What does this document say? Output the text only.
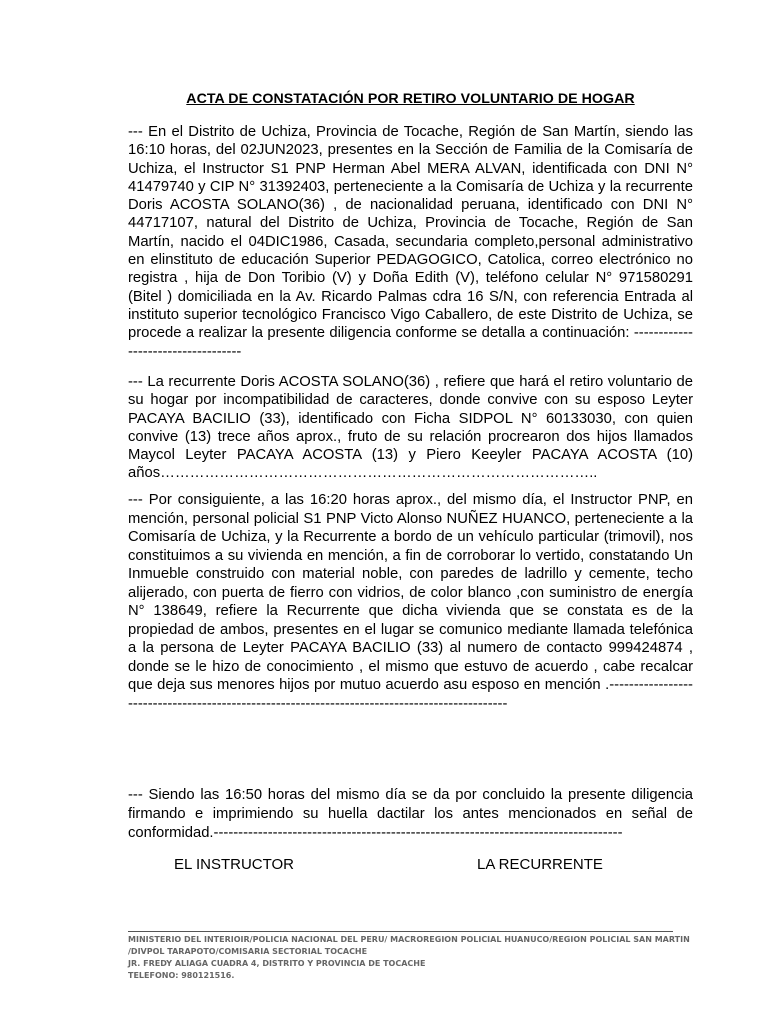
ACTA DE CONSTATACIÓN POR RETIRO VOLUNTARIO DE HOGAR

--- En el Distrito de Uchiza, Provincia de Tocache, Región de San Martín, siendo las 16:10 horas, del 02JUN2023, presentes en la Sección de Familia de la Comisaría de Uchiza, el Instructor S1 PNP Herman Abel MERA ALVAN, identificada con DNI N° 41479740 y CIP N° 31392403, perteneciente a la Comisaría de Uchiza y la recurrente Doris ACOSTA SOLANO(36) , de nacionalidad peruana, identificado con DNI N° 44717107, natural del Distrito de Uchiza, Provincia de Tocache, Región de San Martín, nacido el 04DIC1986, Casada, secundaria completo,personal administrativo en elinstituto de educación Superior PEDAGOGICO, Catolica, correo electrónico no registra , hija de Don Toribio (V) y Doña Edith (V), teléfono celular N° 971580291 (Bitel ) domiciliada en la Av. Ricardo Palmas cdra 16 S/N, con referencia Entrada al instituto superior tecnológico Francisco Vigo Caballero, de este Distrito de Uchiza, se procede a realizar la presente diligencia conforme se detalla a continuación: -----------------------------------

--- La recurrente Doris ACOSTA SOLANO(36) , refiere que hará el retiro voluntario de su hogar por incompatibilidad de caracteres, donde convive con su esposo Leyter PACAYA BACILIO (33), identificado con Ficha SIDPOL N° 60133030, con quien convive (13) trece años aprox., fruto de su relación procrearon dos hijos llamados Maycol Leyter PACAYA ACOSTA (13) y Piero Keeyler PACAYA ACOSTA (10) años……………………………………………………………………………..

--- Por consiguiente, a las 16:20 horas aprox., del mismo día, el Instructor PNP, en mención, personal policial S1 PNP Victo Alonso NUÑEZ HUANCO, perteneciente a la Comisaría de Uchiza, y la Recurrente a bordo de un vehículo particular (trimovil), nos constituimos a su vivienda en mención, a fin de corroborar lo vertido, constatando Un Inmueble construido con material noble, con paredes de ladrillo y cemente, techo alijerado, con puerta de fierro con vidrios, de color blanco ,con suministro de energía N° 138649, refiere la Recurrente que dicha vivienda que se constata es de la propiedad de ambos, presentes en el lugar se comunico mediante llamada telefónica a la persona de Leyter PACAYA BACILIO (33) al numero de contacto 999424874 , donde se le hizo de conocimiento , el mismo que estuvo de acuerdo , cabe recalcar que deja sus menores hijos por mutuo acuerdo asu esposo en mención .----------------------------------------------------------------------------------------------

--- Siendo las 16:50 horas del mismo día se da por concluido la presente diligencia firmando e imprimiendo su huella dactilar los antes mencionados en señal de conformidad.-----------------------------------------------------------------------------------

EL INSTRUCTOR	LA RECURRENTE
MINISTERIO DEL INTERIOIR/POLICIA NACIONAL DEL PERU/ MACROREGION POLICIAL HUANUCO/REGION POLICIAL SAN MARTIN
/DIVPOL TARAPOTO/COMISARIA SECTORIAL TOCACHE
JR. FREDY ALIAGA CUADRA 4, DISTRITO Y PROVINCIA DE TOCACHE
TELEFONO: 980121516.
